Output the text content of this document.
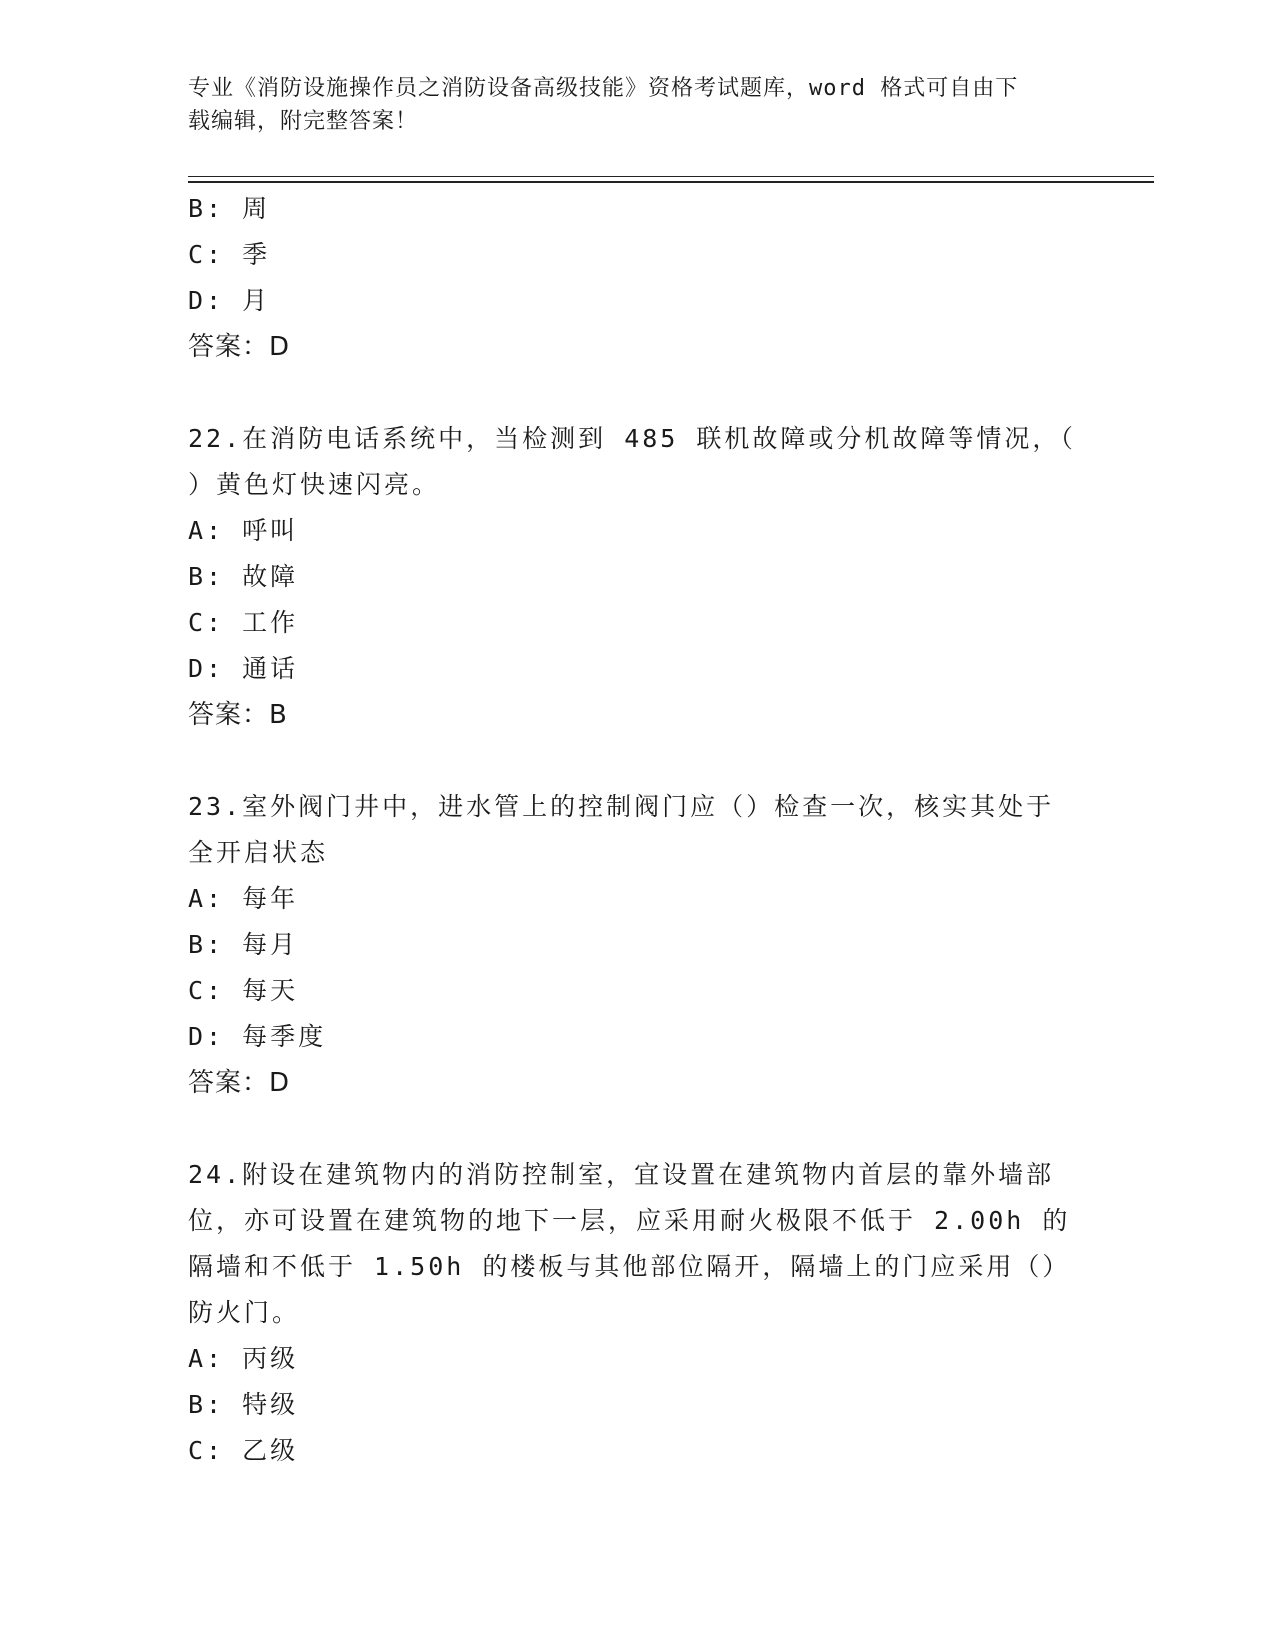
专业《消防设施操作员之消防设备高级技能》资格考试题库，word 格式可自由下
载编辑，附完整答案！
B: 周
C: 季
D: 月
答案：D
22.在消防电话系统中，当检测到 485 联机故障或分机故障等情况，（
）黄色灯快速闪亮。
A: 呼叫
B: 故障
C: 工作
D: 通话
答案：B
23.室外阀门井中，进水管上的控制阀门应（）检查一次，核实其处于
全开启状态
A: 每年
B: 每月
C: 每天
D: 每季度
答案：D
24.附设在建筑物内的消防控制室，宜设置在建筑物内首层的靠外墙部
位，亦可设置在建筑物的地下一层，应采用耐火极限不低于 2.00h 的
隔墙和不低于 1.50h 的楼板与其他部位隔开，隔墙上的门应采用（）
防火门。
A: 丙级
B: 特级
C: 乙级
